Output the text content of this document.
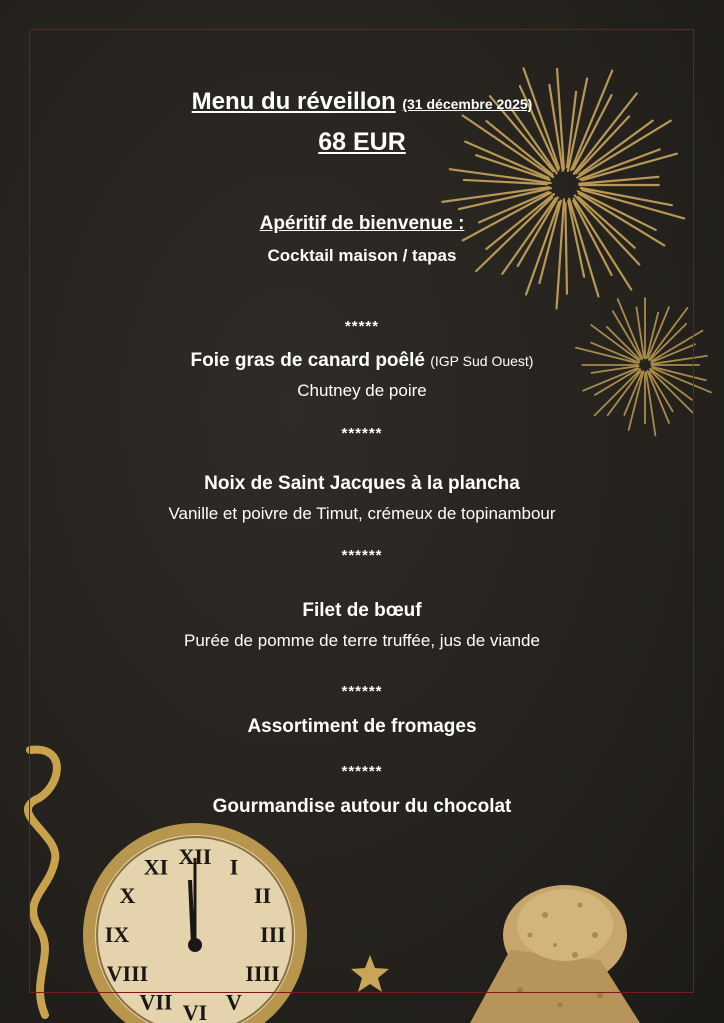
XII I
II
III
IIII
V
VI
VII
VIII
IX
X
XI
Menu du réveillon (31 décembre 2025)
68 EUR
Apéritif de bienvenue :
Cocktail maison / tapas
*****
Foie gras de canard poêlé (IGP Sud Ouest)
Chutney de poire
******
Noix de Saint Jacques à la plancha
Vanille et poivre de Timut, crémeux de topinambour
******
Filet de bœuf
Purée de pomme de terre truffée, jus de viande
******
Assortiment de fromages
******
Gourmandise autour du chocolat
